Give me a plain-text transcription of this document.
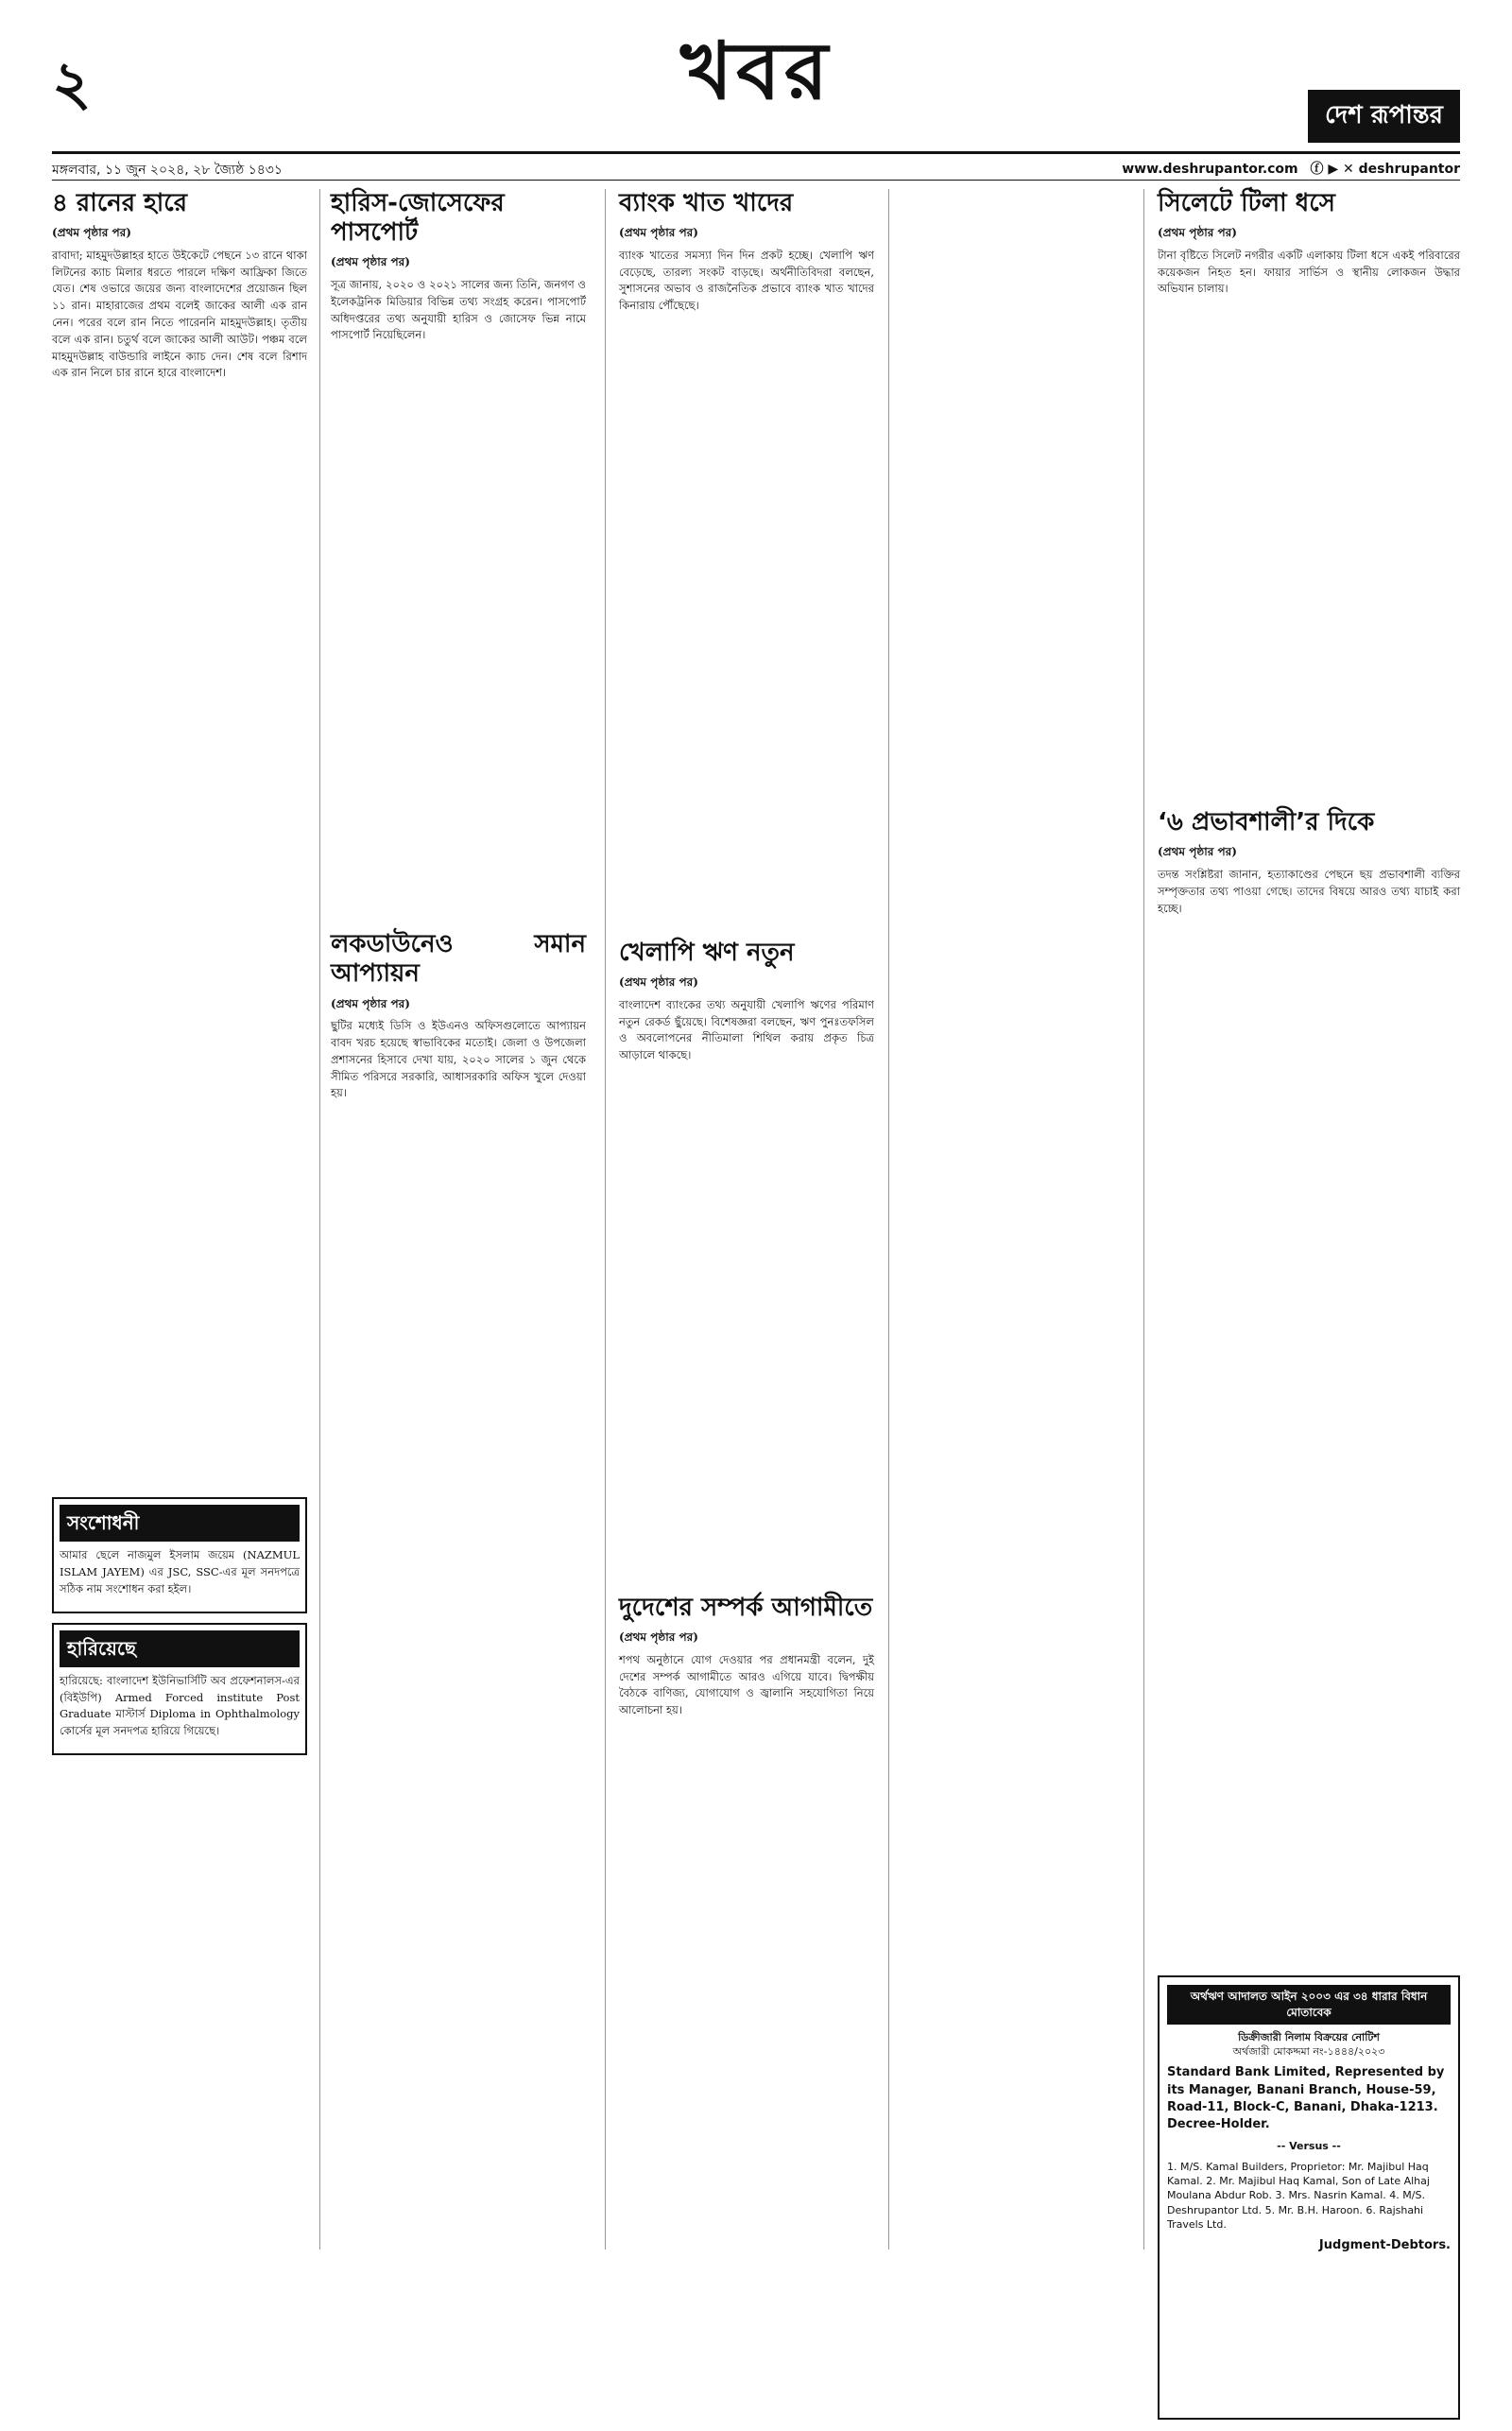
২	খবর	দেশ রূপান্তর
মঙ্গলবার, ১১ জুন ২০২৪, ২৮ জ্যৈষ্ঠ ১৪৩১	www.deshrupantor.com ⓕ ▶ ✕ deshrupantor
৪ রানের হারে
(প্রথম পৃষ্ঠার পর)

রাবাদা; মাহমুদউল্লাহর হাতে উইকেটে পেছনে ১৩ রানে থাকা লিটনের ক্যাচ মিলার ধরতে পারলে দক্ষিণ আফ্রিকা জিতে যেত। শেষ ওভারে জয়ের জন্য বাংলাদেশের প্রয়োজন ছিল ১১ রান। মাহারাজের প্রথম বলেই জাকের আলী এক রান নেন। পরের বলে রান নিতে পারেননি মাহমুদউল্লাহ। তৃতীয় বলে এক রান। চতুর্থ বলে জাকের আলী আউট। পঞ্চম বলে মাহমুদউল্লাহ বাউন্ডারি লাইনে ক্যাচ দেন। শেষ বলে রিশাদ এক রান নিলে চার রানে হারে বাংলাদেশ।

সংশোধনী

আমার ছেলে নাজমুল ইসলাম জয়েম (NAZMUL ISLAM JAYEM) এর JSC, SSC-এর মূল সনদপত্রে সঠিক নাম সংশোধন করা হইল।

হারিয়েছে

হারিয়েছে: বাংলাদেশ ইউনিভার্সিটি অব প্রফেশনালস-এর (বিইউপি) Armed Forced institute Post Graduate মাস্টার্স Diploma in Ophthalmology কোর্সের মূল সনদপত্র হারিয়ে গিয়েছে।

হারিস-জোসেফের পাসপোর্ট
(প্রথম পৃষ্ঠার পর)

সূত্র জানায়, ২০২০ ও ২০২১ সালের জন্য তিনি, জনগণ ও ইলেকট্রনিক মিডিয়ার বিভিন্ন তথ্য সংগ্রহ করেন। পাসপোর্ট অধিদপ্তরের তথ্য অনুযায়ী হারিস ও জোসেফ ভিন্ন নামে পাসপোর্ট নিয়েছিলেন।

লকডাউনেও সমান আপ্যায়ন
(প্রথম পৃষ্ঠার পর)

ছুটির মধ্যেই ডিসি ও ইউএনও অফিসগুলোতে আপ্যায়ন বাবদ খরচ হয়েছে স্বাভাবিকের মতোই। জেলা ও উপজেলা প্রশাসনের হিসাবে দেখা যায়, ২০২০ সালের ১ জুন থেকে সীমিত পরিসরে সরকারি, আধাসরকারি অফিস খুলে দেওয়া হয়।

ব্যাংক খাত খাদের
(প্রথম পৃষ্ঠার পর)

ব্যাংক খাতের সমস্যা দিন দিন প্রকট হচ্ছে। খেলাপি ঋণ বেড়েছে, তারল্য সংকট বাড়ছে। অর্থনীতিবিদরা বলছেন, সুশাসনের অভাব ও রাজনৈতিক প্রভাবে ব্যাংক খাত খাদের কিনারায় পৌঁছেছে।

খেলাপি ঋণ নতুন
(প্রথম পৃষ্ঠার পর)

বাংলাদেশ ব্যাংকের তথ্য অনুযায়ী খেলাপি ঋণের পরিমাণ নতুন রেকর্ড ছুঁয়েছে। বিশেষজ্ঞরা বলছেন, ঋণ পুনঃতফসিল ও অবলোপনের নীতিমালা শিথিল করায় প্রকৃত চিত্র আড়ালে থাকছে।

দুদেশের সম্পর্ক আগামীতে
(প্রথম পৃষ্ঠার পর)

শপথ অনুষ্ঠানে যোগ দেওয়ার পর প্রধানমন্ত্রী বলেন, দুই দেশের সম্পর্ক আগামীতে আরও এগিয়ে যাবে। দ্বিপক্ষীয় বৈঠকে বাণিজ্য, যোগাযোগ ও জ্বালানি সহযোগিতা নিয়ে আলোচনা হয়।

সিলেটে টিলা ধসে
(প্রথম পৃষ্ঠার পর)

টানা বৃষ্টিতে সিলেট নগরীর একটি এলাকায় টিলা ধসে একই পরিবারের কয়েকজন নিহত হন। ফায়ার সার্ভিস ও স্থানীয় লোকজন উদ্ধার অভিযান চালায়।

‘৬ প্রভাবশালী’র দিকে
(প্রথম পৃষ্ঠার পর)

তদন্ত সংশ্লিষ্টরা জানান, হত্যাকাণ্ডের পেছনে ছয় প্রভাবশালী ব্যক্তির সম্পৃক্ততার তথ্য পাওয়া গেছে। তাদের বিষয়ে আরও তথ্য যাচাই করা হচ্ছে।

অর্থঋণ আদালত আইন ২০০৩ এর ৩৪ ধারার বিধান মোতাবেক
ডিক্রীজারী নিলাম বিক্রয়ের নোটিশ
অর্থজারী মোকদ্দমা নং-১৪৪৪/২০২৩
Standard Bank Limited, Represented by its Manager, Banani Branch, House-59, Road-11, Block-C, Banani, Dhaka-1213. Decree-Holder.
-- Versus --
1. M/S. Kamal Builders, Proprietor: Mr. Majibul Haq Kamal. 2. Mr. Majibul Haq Kamal, Son of Late Alhaj Moulana Abdur Rob. 3. Mrs. Nasrin Kamal. 4. M/S. Deshrupantor Ltd. 5. Mr. B.H. Haroon. 6. Rajshahi Travels Ltd.
Judgment-Debtors.
